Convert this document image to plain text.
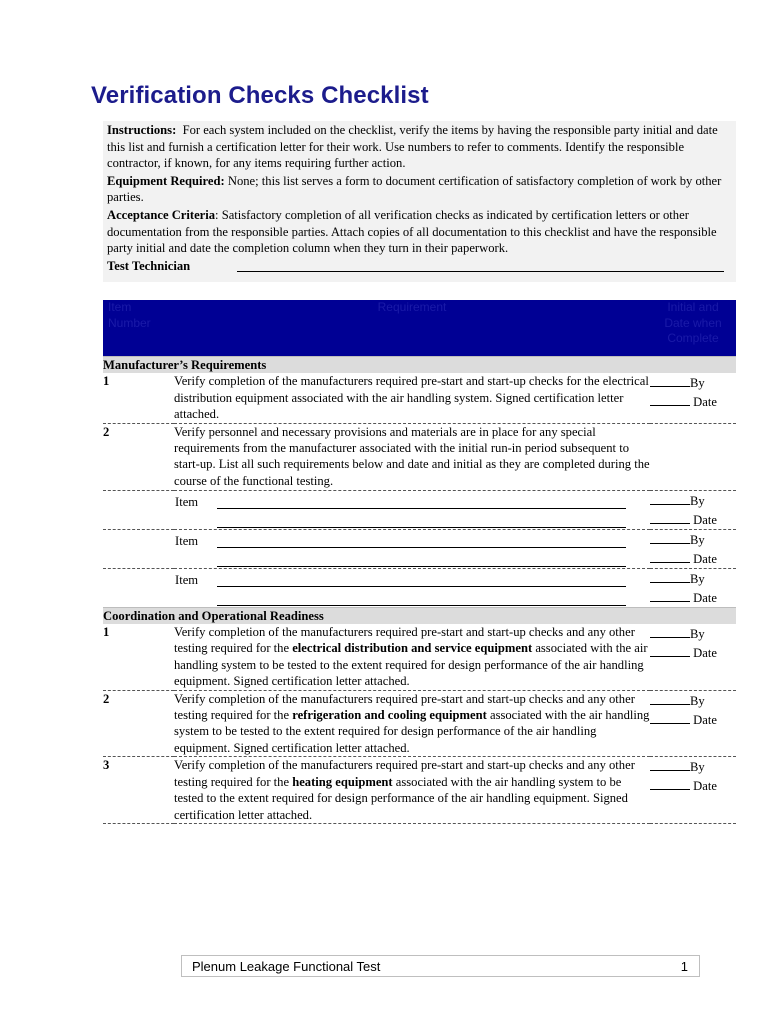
Verification Checks Checklist

Instructions: For each system included on the checklist, verify the items by having the responsible party initial and date this list and furnish a certification letter for their work. Use numbers to refer to comments. Identify the responsible contractor, if known, for any items requiring further action.

Equipment Required: None; this list serves a form to document certification of satisfactory completion of work by other parties.

Acceptance Criteria: Satisfactory completion of all verification checks as indicated by certification letters or other documentation from the responsible parties. Attach copies of all documentation to this checklist and have the responsible party initial and date the completion column when they turn in their paperwork.

Test Technician
Item
Number	Requirement	Initial and
Date when
Complete
Manufacturer’s Requirements		
1	Verify completion of the manufacturers required pre-start and start-up checks for the electrical distribution equipment associated with the air handling system. Signed certification letter attached.	By
Date

2	Verify personnel and necessary provisions and materials are in place for any special requirements from the manufacturer associated with the initial run-in period subsequent to start-up. List all such requirements below and date and initial as they are completed during the course of the functional testing.	

	Item	By
Date

	Item	By
Date

	Item	By
Date

Coordination and Operational Readiness		
1	Verify completion of the manufacturers required pre-start and start-up checks and any other testing required for the electrical distribution and service equipment associated with the air handling system to be tested to the extent required for design performance of the air handling equipment. Signed certification letter attached.	By
Date

2	Verify completion of the manufacturers required pre-start and start-up checks and any other testing required for the refrigeration and cooling equipment associated with the air handling system to be tested to the extent required for design performance of the air handling equipment. Signed certification letter attached.	By
Date

3	Verify completion of the manufacturers required pre-start and start-up checks and any other testing required for the heating equipment associated with the air handling system to be tested to the extent required for design performance of the air handling equipment. Signed certification letter attached.	By
Date
Plenum Leakage Functional Test	1
